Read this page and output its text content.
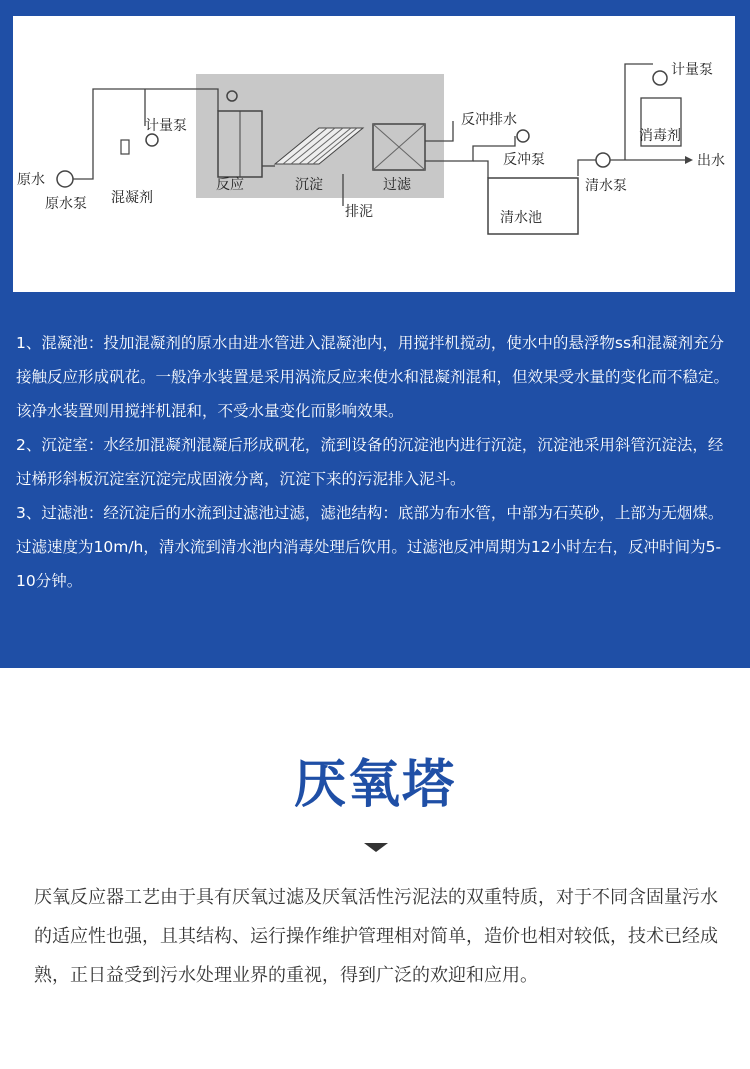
原水
原水泵
计量泵
混凝剂
反应	沉淀	过滤
排泥
反冲排水
反冲泵
清水池
清水泵
计量泵
消毒剂
出水

1、混凝池：投加混凝剂的原水由进水管进入混凝池内，用搅拌机搅动，使水中的悬浮物ss和混凝剂充分接触反应形成矾花。一般净水装置是采用涡流反应来使水和混凝剂混和，但效果受水量的变化而不稳定。该净水装置则用搅拌机混和，不受水量变化而影响效果。

2、沉淀室：水经加混凝剂混凝后形成矾花，流到设备的沉淀池内进行沉淀，沉淀池采用斜管沉淀法，经过梯形斜板沉淀室沉淀完成固液分离，沉淀下来的污泥排入泥斗。

3、过滤池：经沉淀后的水流到过滤池过滤，滤池结构：底部为布水管，中部为石英砂，上部为无烟煤。过滤速度为10m/h，清水流到清水池内消毒处理后饮用。过滤池反冲周期为12小时左右，反冲时间为5-10分钟。

厌氧塔
厌氧反应器工艺由于具有厌氧过滤及厌氧活性污泥法的双重特质，对于不同含固量污水的适应性也强，且其结构、运行操作维护管理相对简单，造价也相对较低，技术已经成熟，正日益受到污水处理业界的重视，得到广泛的欢迎和应用。
